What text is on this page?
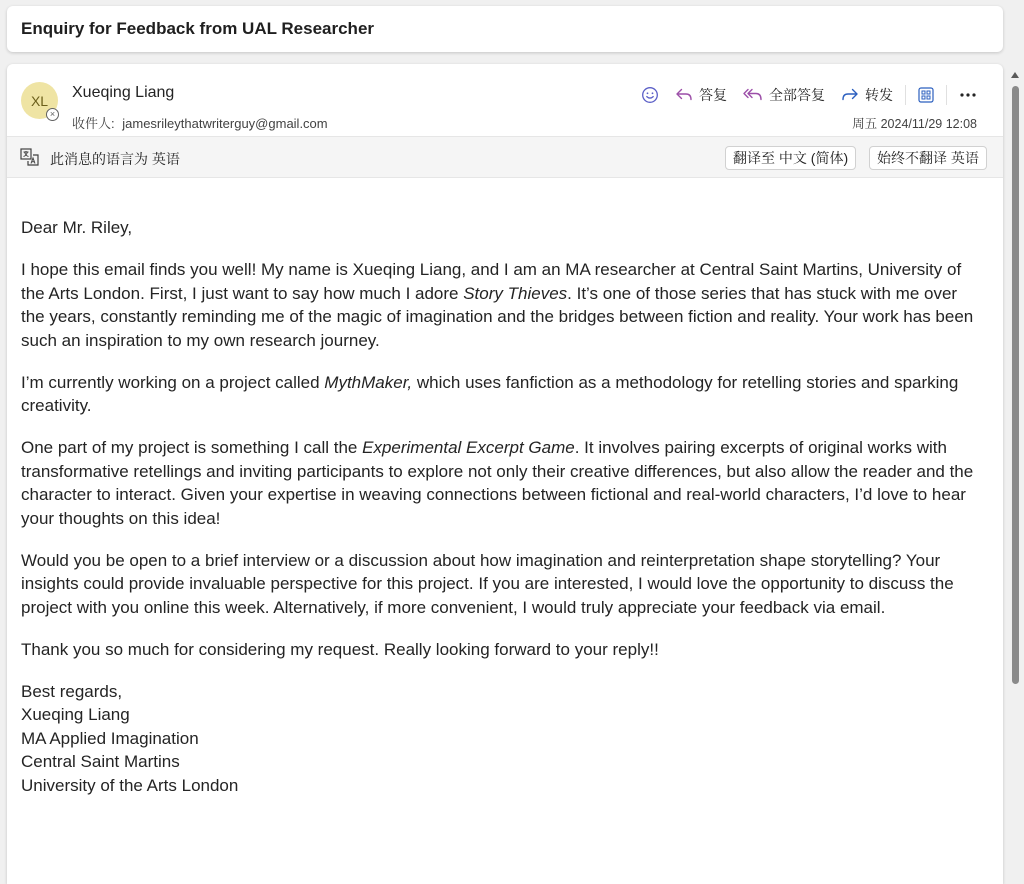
Enquiry for Feedback from UAL Researcher
XL
×
Xueqing Liang
收件人: jamesrileythatwriterguy@gmail.com
答复	全部答复	转发
周五 2024/11/29 12:08
此消息的语言为 英语	翻译至 中文 (简体)	始终不翻译 英语

Dear Mr. Riley,

I hope this email finds you well! My name is Xueqing Liang, and I am an MA researcher at Central Saint Martins, University of the Arts London. First, I just want to say how much I adore Story Thieves. It’s one of those series that has stuck with me over the years, constantly reminding me of the magic of imagination and the bridges between fiction and reality. Your work has been such an inspiration to my own research journey.

I’m currently working on a project called MythMaker, which uses fanfiction as a methodology for retelling stories and sparking creativity.

One part of my project is something I call the Experimental Excerpt Game. It involves pairing excerpts of original works with transformative retellings and inviting participants to explore not only their creative differences, but also allow the reader and the character to interact. Given your expertise in weaving connections between fictional and real-world characters, I’d love to hear your thoughts on this idea!

Would you be open to a brief interview or a discussion about how imagination and reinterpretation shape storytelling? Your insights could provide invaluable perspective for this project. If you are interested, I would love the opportunity to discuss the project with you online this week. Alternatively, if more convenient, I would truly appreciate your feedback via email.

Thank you so much for considering my request. Really looking forward to your reply!!

Best regards,
Xueqing Liang
MA Applied Imagination
Central Saint Martins
University of the Arts London
